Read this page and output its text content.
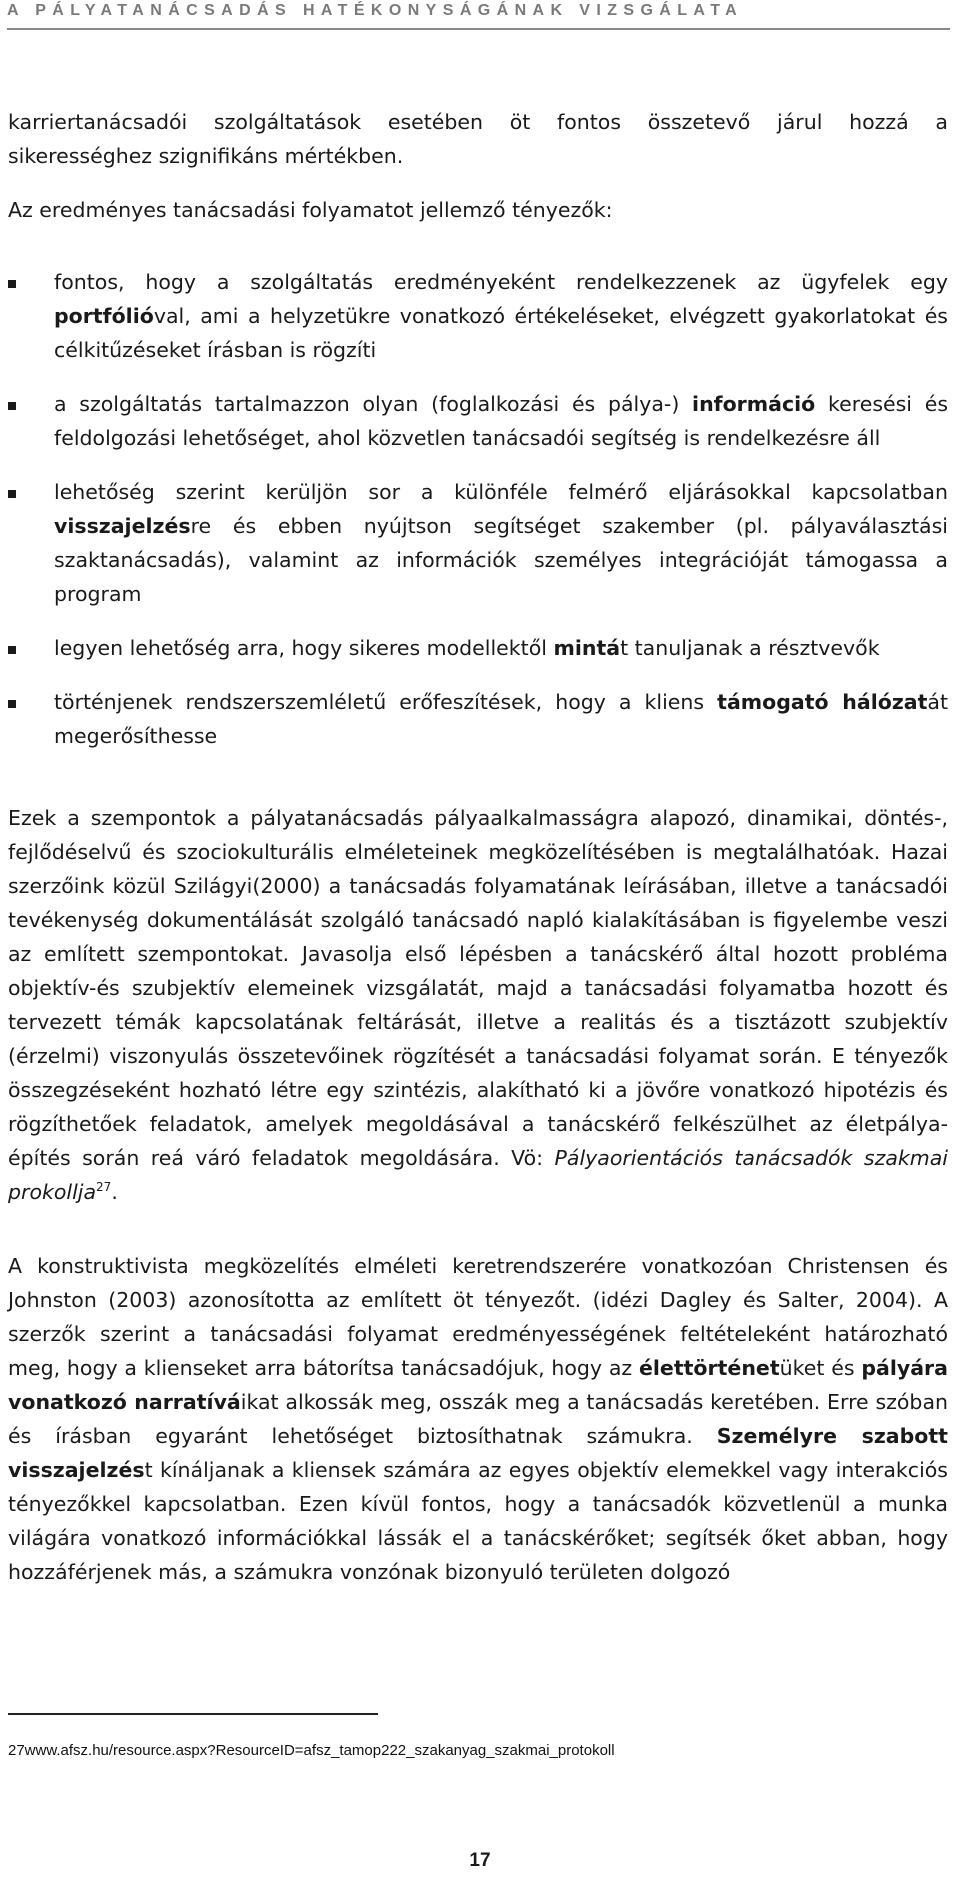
A PÁLYATANÁCSADÁS HATÉKONYSÁGÁNAK VIZSGÁLATA

karriertanácsadói szolgáltatások esetében öt fontos összetevő járul hozzá a

sikerességhez szignifikáns mértékben.

Az eredményes tanácsadási folyamatot jellemző tényezők:

fontos, hogy a szolgáltatás eredményeként rendelkezzenek az ügyfelek egy portfólióval, ami a helyzetükre vonatkozó értékeléseket, elvégzett gyakorlatokat és célkitűzéseket írásban is rögzíti
a szolgáltatás tartalmazzon olyan (foglalkozási és pálya-) információ keresési és feldolgozási lehetőséget, ahol közvetlen tanácsadói segítség is rendelkezésre áll
lehetőség szerint kerüljön sor a különféle felmérő eljárásokkal kapcsolatban visszajelzésre és ebben nyújtson segítséget szakember (pl. pályaválasztási szaktanácsadás), valamint az információk személyes integrációját támogassa a program
legyen lehetőség arra, hogy sikeres modellektől mintát tanuljanak a résztvevők
történjenek rendszerszemléletű erőfeszítések, hogy a kliens támogató hálózatát megerősíthesse

Ezek a szempontok a pályatanácsadás pályaalkalmasságra alapozó, dinamikai, döntés-, fejlődéselvű és szociokulturális elméleteinek megközelítésében is megtalálhatóak. Hazai szerzőink közül Szilágyi(2000) a tanácsadás folyamatának leírásában, illetve a tanácsadói tevékenység dokumentálását szolgáló tanácsadó napló kialakításában is figyelembe veszi az említett szempontokat. Javasolja első lépésben a tanácskérő által hozott probléma objektív-és szubjektív elemeinek vizsgálatát, majd a tanácsadási folyamatba hozott és tervezett témák kapcsolatának feltárását, illetve a realitás és a tisztázott szubjektív (érzelmi) viszonyulás összetevőinek rögzítését a tanácsadási folyamat során. E tényezők összegzéseként hozható létre egy szintézis, alakítható ki a jövőre vonatkozó hipotézis és rögzíthetőek feladatok, amelyek megoldásával a tanácskérő felkészülhet az életpálya-építés során reá váró feladatok megoldására. Vö: Pályaorientációs tanácsadók szakmai prokollja$^{27}$.

A konstruktivista megközelítés elméleti keretrendszerére vonatkozóan Christensen és Johnston (2003) azonosította az említett öt tényezőt. (idézi Dagley és Salter, 2004). A szerzők szerint a tanácsadási folyamat eredményességének feltételeként határozható meg, hogy a klienseket arra bátorítsa tanácsadójuk, hogy az élettörténetüket és pályára vonatkozó narratíváikat alkossák meg, osszák meg a tanácsadás keretében. Erre szóban és írásban egyaránt lehetőséget biztosíthatnak számukra. Személyre szabott visszajelzést kínáljanak a kliensek számára az egyes objektív elemekkel vagy interakciós tényezőkkel kapcsolatban. Ezen kívül fontos, hogy a tanácsadók közvetlenül a munka világára vonatkozó információkkal lássák el a tanácskérőket; segítsék őket abban, hogy hozzáférjenek más, a számukra vonzónak bizonyuló területen dolgozó

27www.afsz.hu/resource.aspx?ResourceID=afsz_tamop222_szakanyag_szakmai_protokoll
17
